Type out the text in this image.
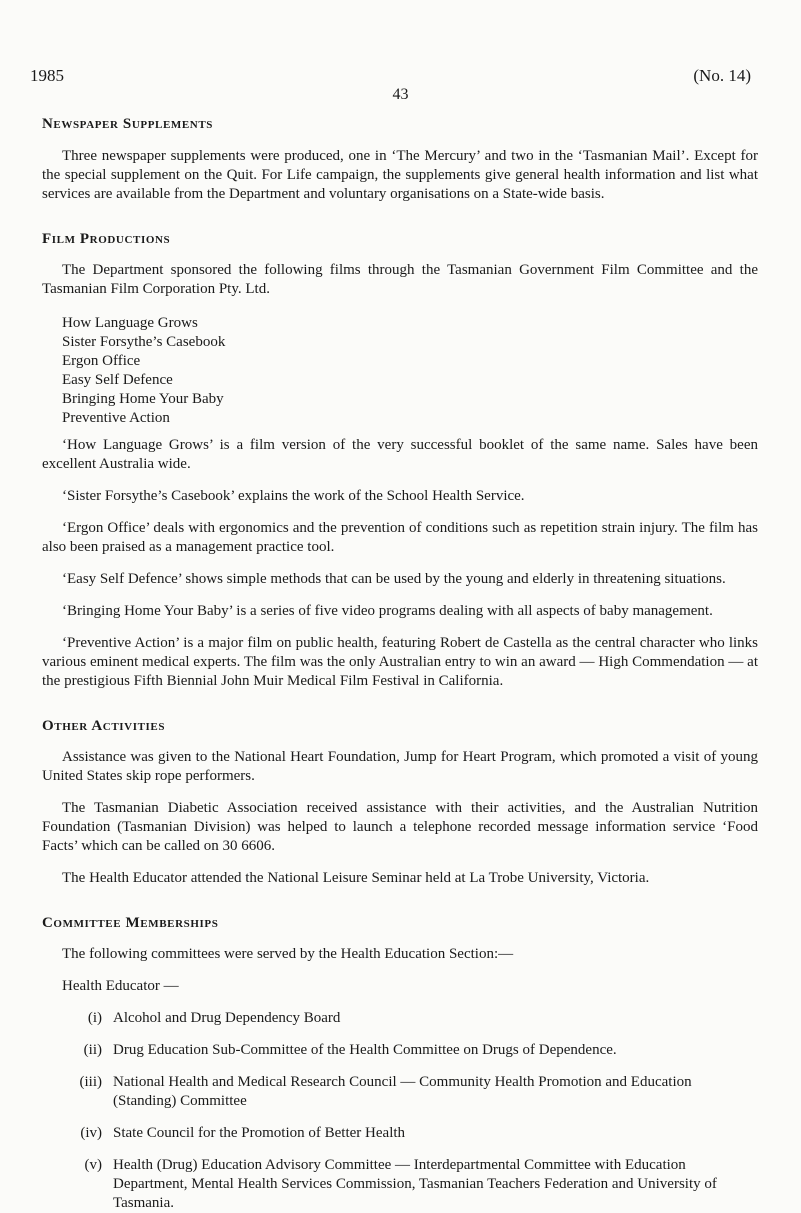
1985	(No. 14)
43
Newspaper Supplements

Three newspaper supplements were produced, one in ‘The Mercury’ and two in the ‘Tasmanian Mail’. Except for the special supplement on the Quit. For Life campaign, the supplements give general health information and list what services are available from the Department and voluntary organisations on a State-wide basis.

Film Productions

The Department sponsored the following films through the Tasmanian Government Film Committee and the Tasmanian Film Corporation Pty. Ltd.

How Language Grows
Sister Forsythe’s Casebook
Ergon Office
Easy Self Defence
Bringing Home Your Baby
Preventive Action

‘How Language Grows’ is a film version of the very successful booklet of the same name. Sales have been excellent Australia wide.

‘Sister Forsythe’s Casebook’ explains the work of the School Health Service.

‘Ergon Office’ deals with ergonomics and the prevention of conditions such as repetition strain injury. The film has also been praised as a management practice tool.

‘Easy Self Defence’ shows simple methods that can be used by the young and elderly in threatening situations.

‘Bringing Home Your Baby’ is a series of five video programs dealing with all aspects of baby management.

‘Preventive Action’ is a major film on public health, featuring Robert de Castella as the central character who links various eminent medical experts. The film was the only Australian entry to win an award — High Commendation — at the prestigious Fifth Biennial John Muir Medical Film Festival in California.

Other Activities

Assistance was given to the National Heart Foundation, Jump for Heart Program, which promoted a visit of young United States skip rope performers.

The Tasmanian Diabetic Association received assistance with their activities, and the Australian Nutrition Foundation (Tasmanian Division) was helped to launch a telephone recorded message information service ‘Food Facts’ which can be called on 30 6606.

The Health Educator attended the National Leisure Seminar held at La Trobe University, Victoria.

Committee Memberships

The following committees were served by the Health Education Section:—

Health Educator —

(i) Alcohol and Drug Dependency Board
(ii) Drug Education Sub-Committee of the Health Committee on Drugs of Dependence.
(iii) National Health and Medical Research Council — Community Health Promotion and Education (Standing) Committee
(iv) State Council for the Promotion of Better Health
(v) Health (Drug) Education Advisory Committee — Interdepartmental Committee with Education Department, Mental Health Services Commission, Tasmanian Teachers Federation and University of Tasmania.
